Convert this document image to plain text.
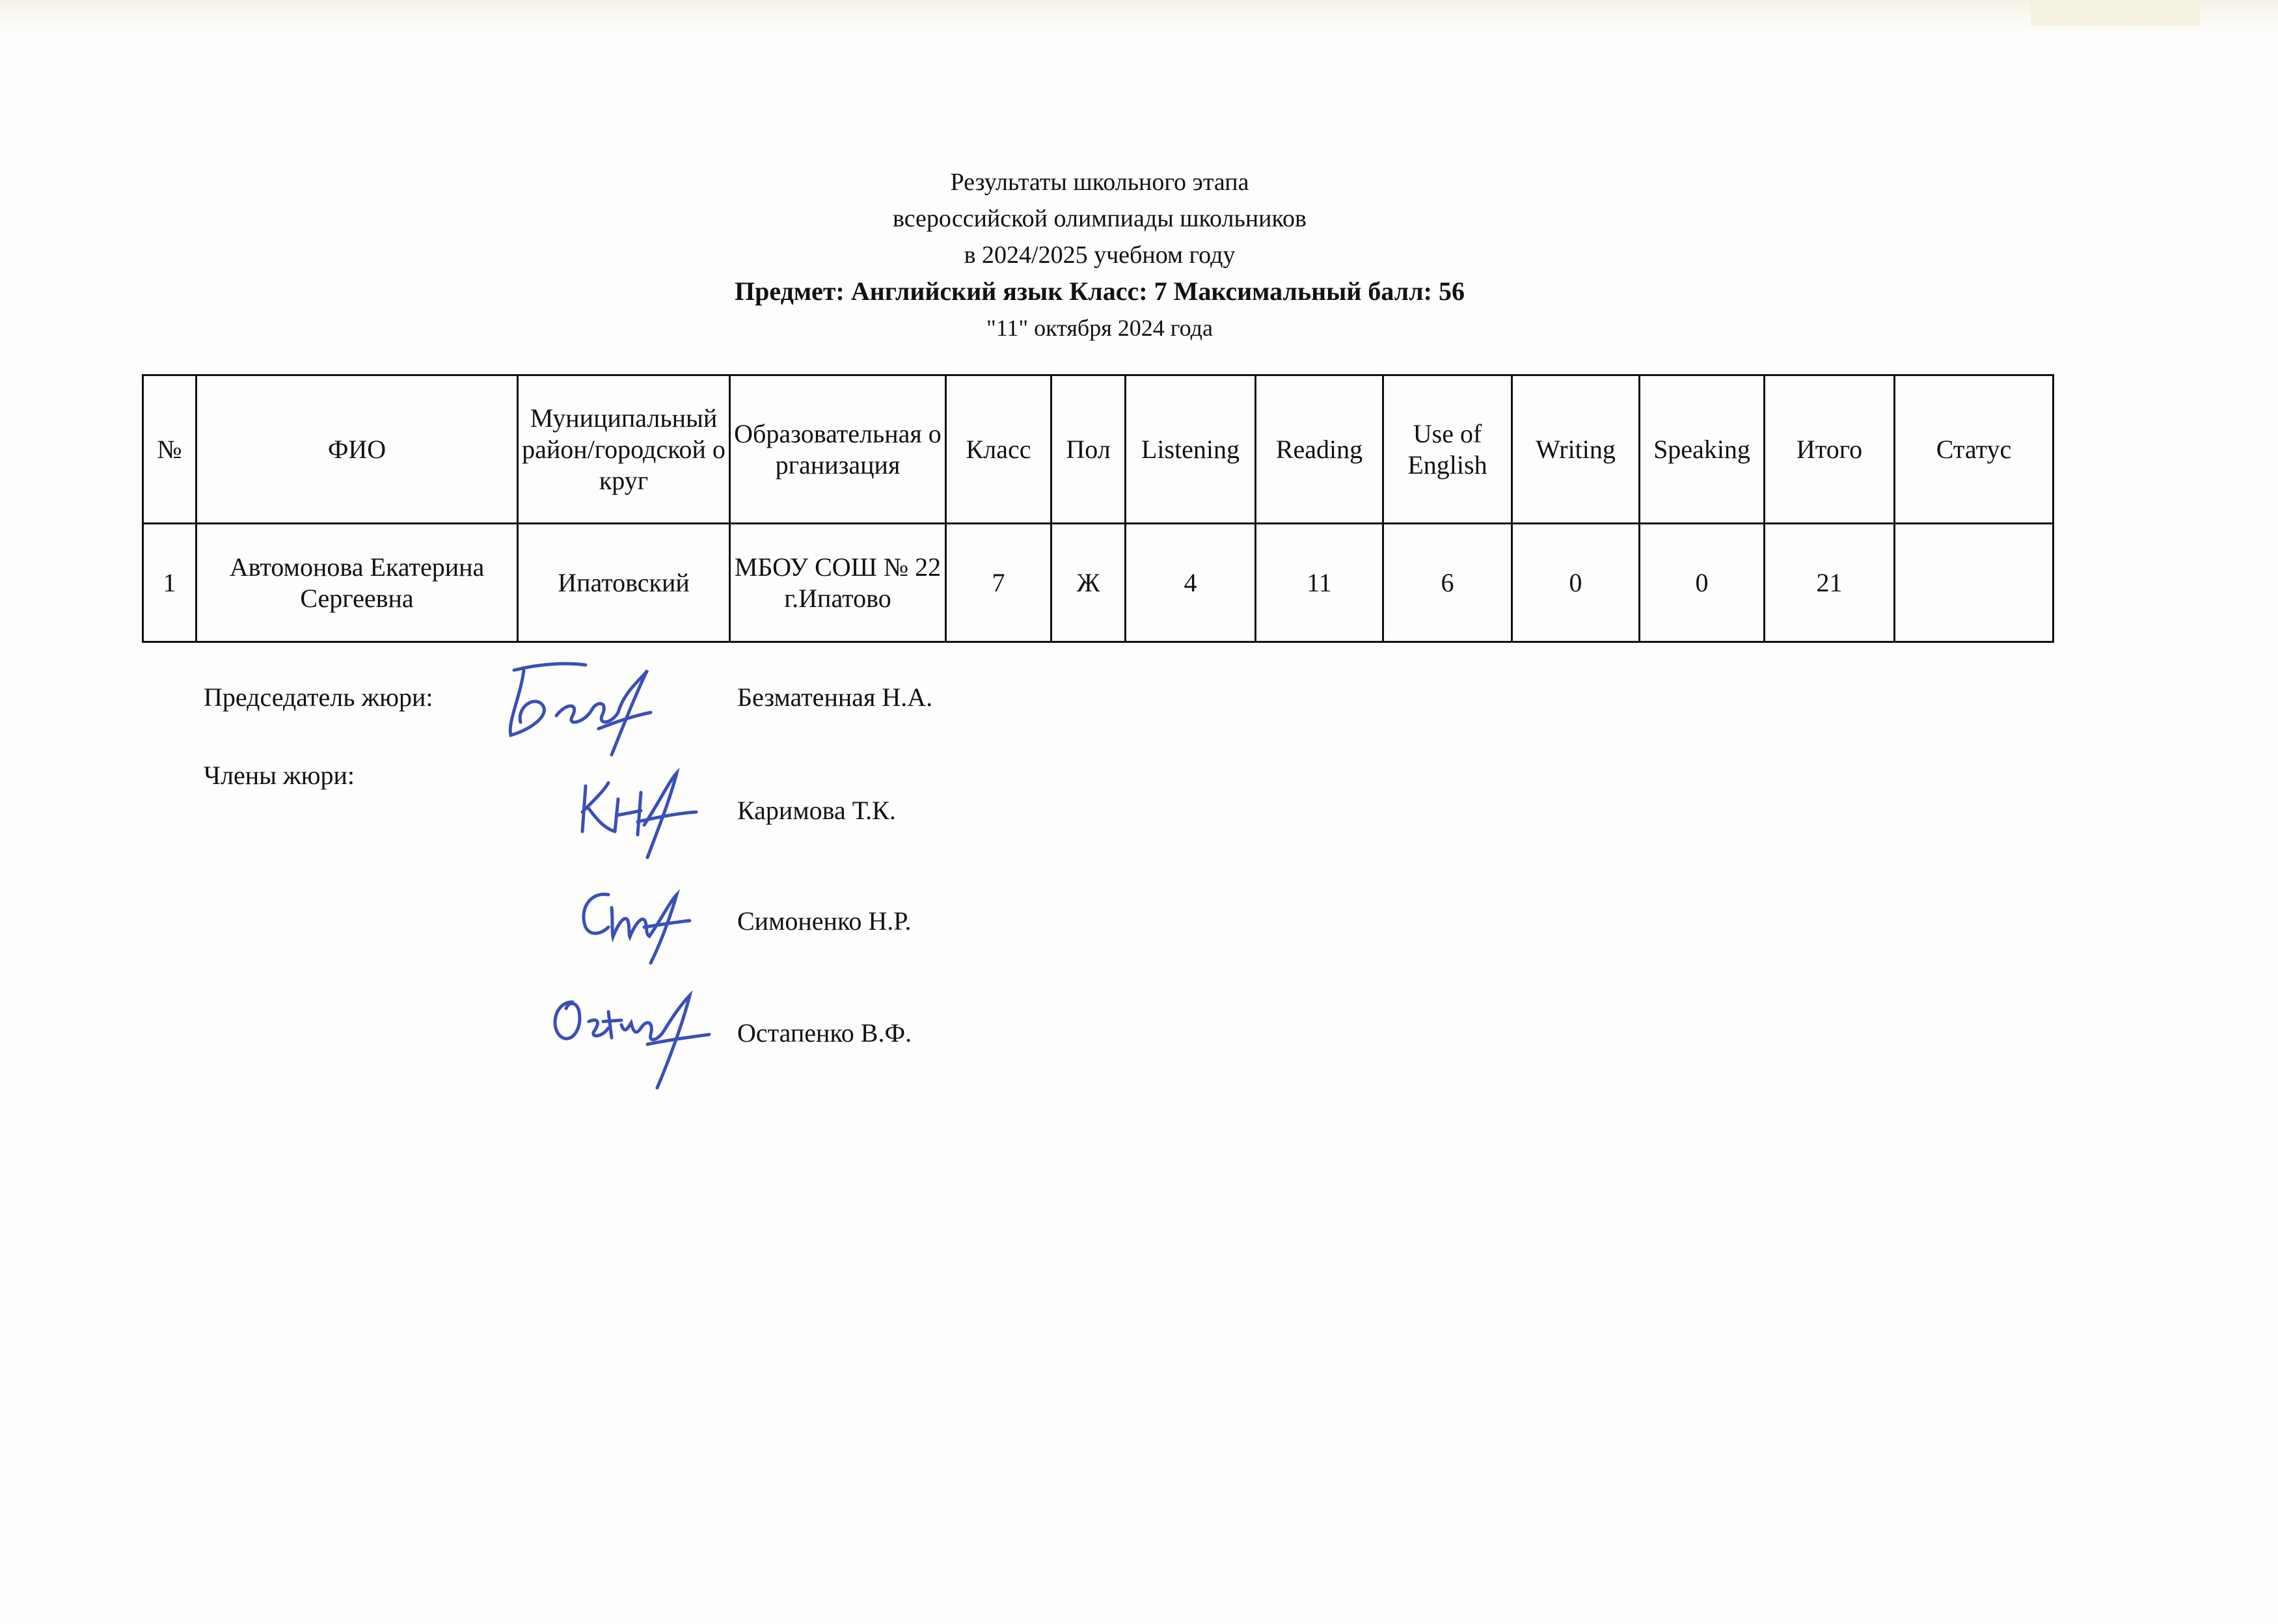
Результаты школьного этапа
всероссийской олимпиады школьников
в 2024/2025 учебном году
Предмет: Английский язык Класс: 7 Максимальный балл: 56
"11" октября 2024 года
№	ФИО	Муниципальный район/городской округ	Образовательная организация	Класс	Пол	Listening	Reading	Use of English	Writing	Speaking	Итого	Статус
1	Автомонова Екатерина Сергеевна	Ипатовский	МБОУ СОШ № 22 г.Ипатово	7	Ж	4	11	6	0	0	21	
Председатель жюри:	Безматенная Н.А.
Члены жюри:
Каримова Т.К.
Симоненко Н.Р.
Остапенко В.Ф.
